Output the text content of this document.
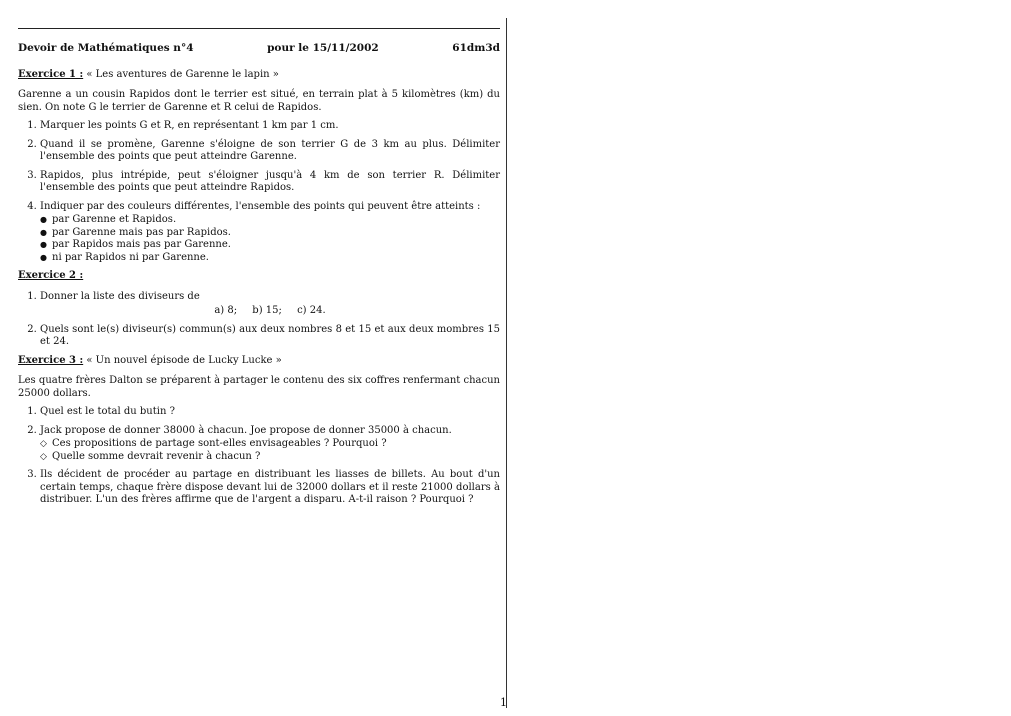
Devoir de Mathématiques n°4	pour le 15/11/2002	61dm3d
Exercice 1 : « Les aventures de Garenne le lapin »

Garenne a un cousin Rapidos dont le terrier est situé, en terrain plat à 5 kilomètres (km) du sien. On note G le terrier de Garenne et R celui de Rapidos.

1. Marquer les points G et R, en représentant 1 km par 1 cm.
2. Quand il se promène, Garenne s'éloigne de son terrier G de 3 km au plus. Délimiter l'ensemble des points que peut atteindre Garenne.
3. Rapidos, plus intrépide, peut s'éloigner jusqu'à 4 km de son terrier R. Délimiter l'ensemble des points que peut atteindre Rapidos.
4. Indiquer par des couleurs différentes, l'ensemble des points qui peuvent être atteints :
● par Garenne et Rapidos.
● par Garenne mais pas par Rapidos.
● par Rapidos mais pas par Garenne.
● ni par Rapidos ni par Garenne.
Exercice 2 :
1. Donner la liste des diviseurs de
a) 8; b) 15; c) 24.
2. Quels sont le(s) diviseur(s) commun(s) aux deux nombres 8 et 15 et aux deux mombres 15 et 24.
Exercice 3 : « Un nouvel épisode de Lucky Lucke »

Les quatre frères Dalton se préparent à partager le contenu des six coffres renfermant chacun 25000 dollars.

1. Quel est le total du butin ?
2. Jack propose de donner 38000 à chacun. Joe propose de donner 35000 à chacun.
◇ Ces propositions de partage sont-elles envisageables ? Pourquoi ?
◇ Quelle somme devrait revenir à chacun ?
3. Ils décident de procéder au partage en distribuant les liasses de billets. Au bout d'un certain temps, chaque frère dispose devant lui de 32000 dollars et il reste 21000 dollars à distribuer. L'un des frères affirme que de l'argent a disparu. A-t-il raison ? Pourquoi ?
1
